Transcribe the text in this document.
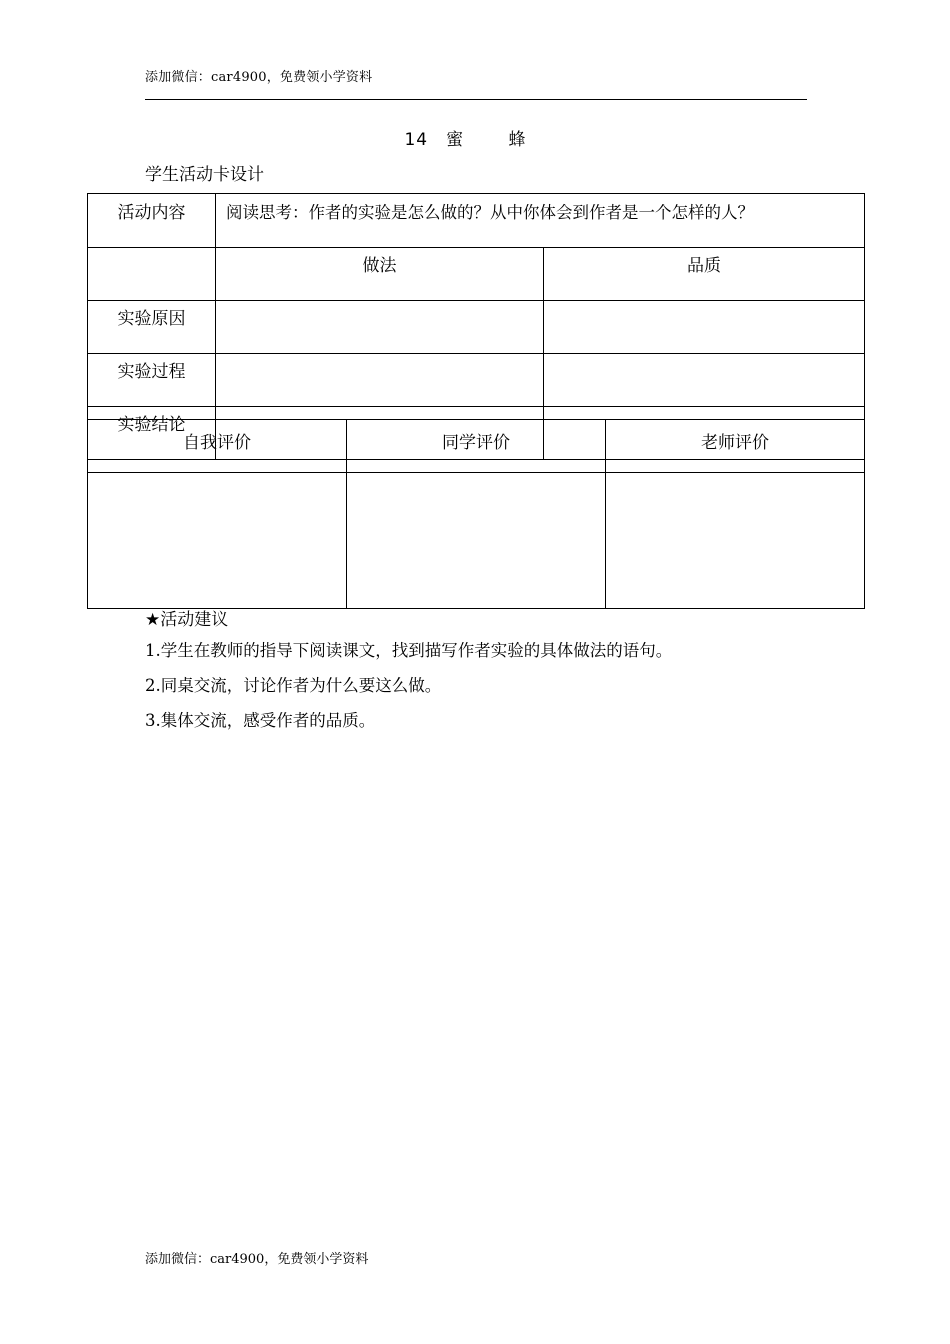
添加微信：car4900，免费领小学资料
14 蜜 蜂
学生活动卡设计
活动内容	阅读思考：作者的实验是怎么做的？从中你体会到作者是一个怎样的人？	
	做法	品质
实验原因		
实验过程		
实验结论		
自我评价	同学评价	老师评价

★活动建议
1.学生在教师的指导下阅读课文，找到描写作者实验的具体做法的语句。
2.同桌交流，讨论作者为什么要这么做。
3.集体交流，感受作者的品质。
添加微信：car4900，免费领小学资料
